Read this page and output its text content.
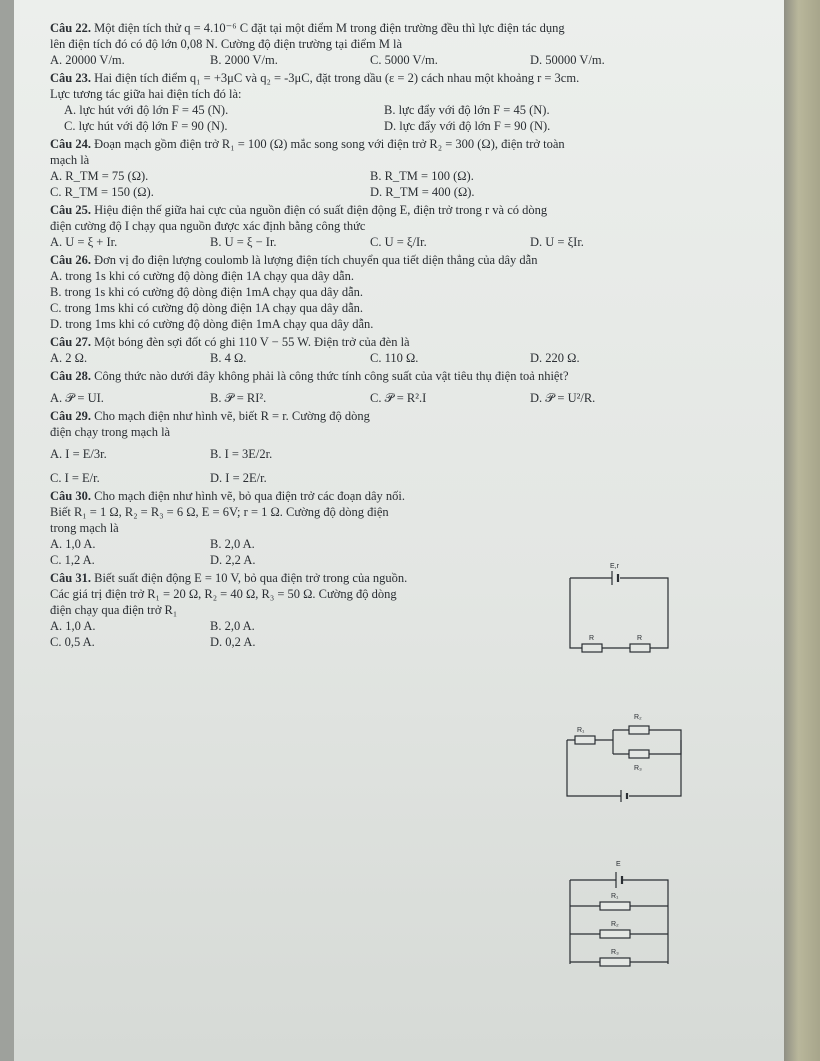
Câu 22. Một điện tích thử q = 4.10⁻⁶ C đặt tại một điểm M trong điện trường đều thì lực điện tác dụng

lên điện tích đó có độ lớn 0,08 N. Cường độ điện trường tại điểm M là

A. 20000 V/m.	B. 2000 V/m.	C. 5000 V/m.	D. 50000 V/m.

Câu 23. Hai điện tích điểm q₁ = +3μC và q₂ = -3μC, đặt trong dầu (ε = 2) cách nhau một khoảng r = 3cm.

Lực tương tác giữa hai điện tích đó là:

A. lực hút với độ lớn F = 45 (N).	B. lực đẩy với độ lớn F = 45 (N).
C. lực hút với độ lớn F = 90 (N).	D. lực đẩy với độ lớn F = 90 (N).

Câu 24. Đoạn mạch gồm điện trở R₁ = 100 (Ω) mắc song song với điện trở R₂ = 300 (Ω), điện trở toàn

mạch là

A. R_TM = 75 (Ω).	B. R_TM = 100 (Ω).
C. R_TM = 150 (Ω).	D. R_TM = 400 (Ω).

Câu 25. Hiệu điện thế giữa hai cực của nguồn điện có suất điện động E, điện trở trong r và có dòng

điện cường độ I chạy qua nguồn được xác định bằng công thức

A. U = ξ + Ir.	B. U = ξ − Ir.	C. U = ξ/Ir.	D. U = ξIr.

Câu 26. Đơn vị đo điện lượng coulomb là lượng điện tích chuyển qua tiết diện thẳng của dây dẫn

A. trong 1s khi có cường độ dòng điện 1A chạy qua dây dẫn.

B. trong 1s khi có cường độ dòng điện 1mA chạy qua dây dẫn.

C. trong 1ms khi có cường độ dòng điện 1A chạy qua dây dẫn.

D. trong 1ms khi có cường độ dòng điện 1mA chạy qua dây dẫn.

Câu 27. Một bóng đèn sợi đốt có ghi 110 V − 55 W. Điện trở của đèn là

A. 2 Ω.	B. 4 Ω.	C. 110 Ω.	D. 220 Ω.

Câu 28. Công thức nào dưới đây không phải là công thức tính công suất của vật tiêu thụ điện toả nhiệt?

A. 𝒫 = UI.	B. 𝒫 = RI².	C. 𝒫 = R².I	D. 𝒫 = U²/R.

Câu 29. Cho mạch điện như hình vẽ, biết R = r. Cường độ dòng

điện chạy trong mạch là

A. I = E/3r.	B. I = 3E/2r.
C. I = E/r.	D. I = 2E/r.

Câu 30. Cho mạch điện như hình vẽ, bỏ qua điện trở các đoạn dây nối.

Biết R₁ = 1 Ω, R₂ = R₃ = 6 Ω, E = 6V; r = 1 Ω. Cường độ dòng điện

trong mạch là

A. 1,0 A.	B. 2,0 A.
C. 1,2 A.	D. 2,2 A.

Câu 31. Biết suất điện động E = 10 V, bỏ qua điện trở trong của nguồn.

Các giá trị điện trở R₁ = 20 Ω, R₂ = 40 Ω, R₃ = 50 Ω. Cường độ dòng

điện chạy qua điện trở R₁

A. 1,0 A.	B. 2,0 A.
C. 0,5 A.	D. 0,2 A.
E,r
R	R
R₁
R₂
R₃
E
R₁
R₂
R₃
